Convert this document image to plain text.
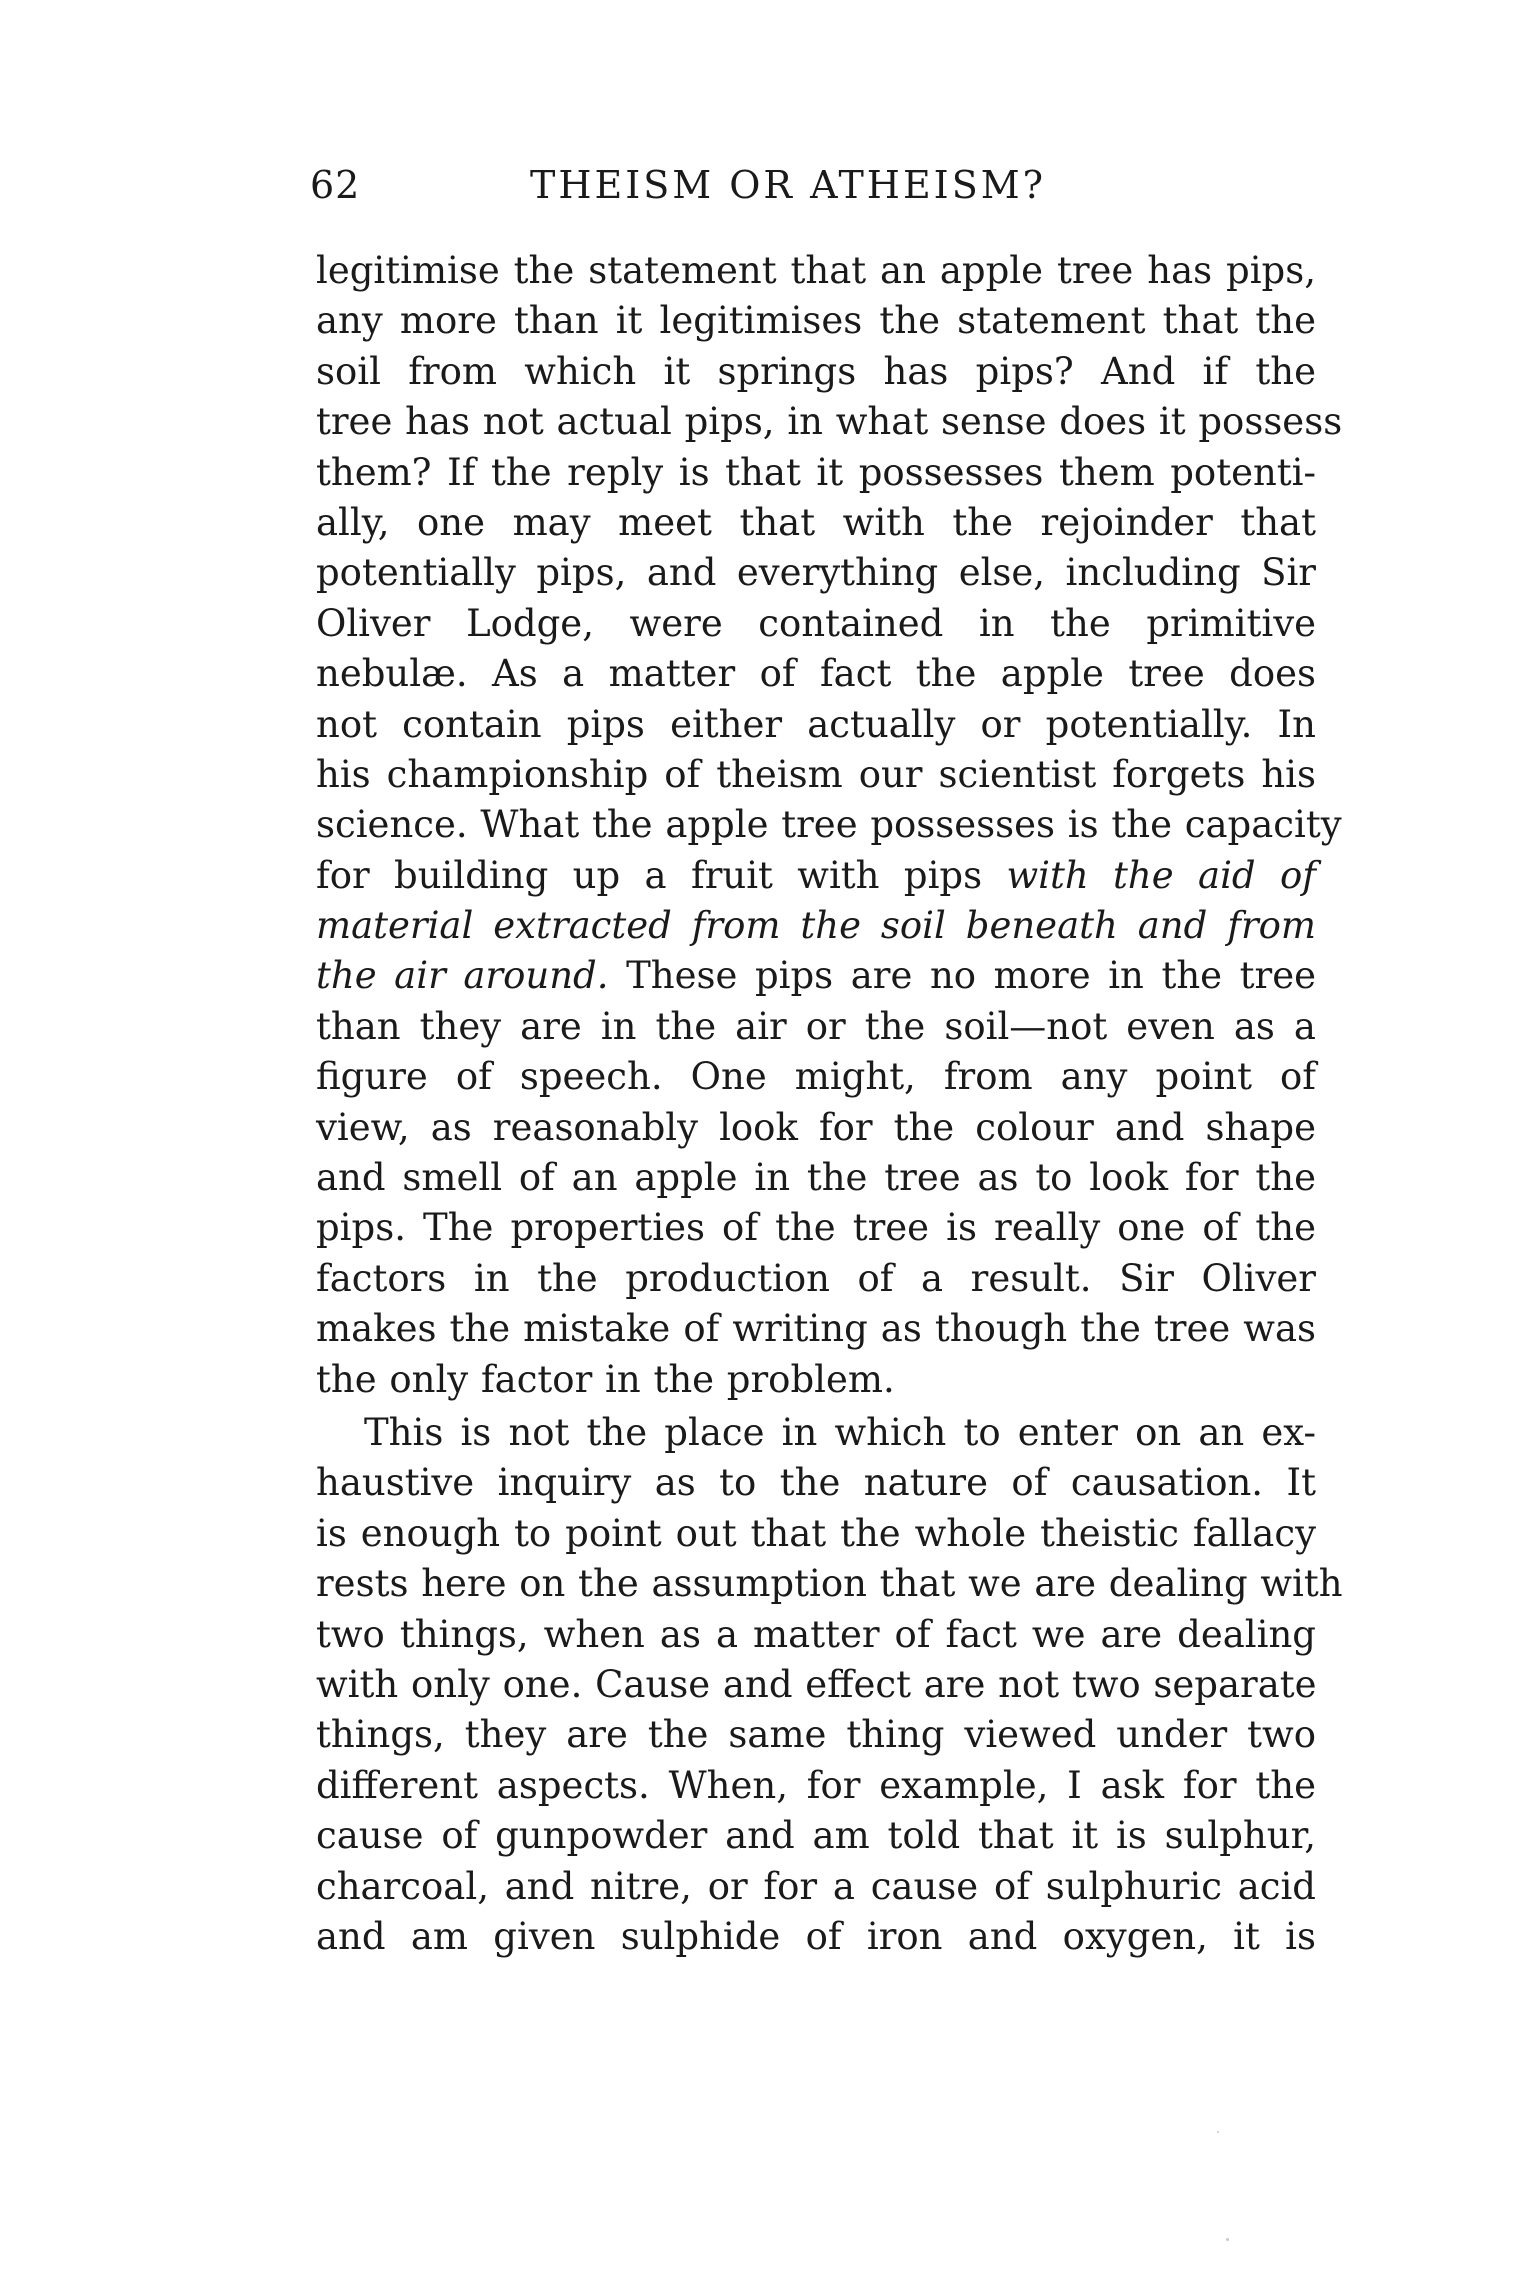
62	THEISM OR ATHEISM?
legitimise the statement that an apple tree has pips,
any more than it legitimises the statement that the
soil from which it springs has pips? And if the
tree has not actual pips, in what sense does it possess
them? If the reply is that it possesses them potenti-
ally, one may meet that with the rejoinder that
potentially pips, and everything else, including Sir
Oliver Lodge, were contained in the primitive
nebulæ. As a matter of fact the apple tree does
not contain pips either actually or potentially. In
his championship of theism our scientist forgets his
science. What the apple tree possesses is the capacity
for building up a fruit with pips with the aid of
material extracted from the soil beneath and from
the air around. These pips are no more in the tree
than they are in the air or the soil—not even as a
figure of speech. One might, from any point of
view, as reasonably look for the colour and shape
and smell of an apple in the tree as to look for the
pips. The properties of the tree is really one of the
factors in the production of a result. Sir Oliver
makes the mistake of writing as though the tree was
the only factor in the problem.
This is not the place in which to enter on an ex-
haustive inquiry as to the nature of causation. It
is enough to point out that the whole theistic fallacy
rests here on the assumption that we are dealing with
two things, when as a matter of fact we are dealing
with only one. Cause and effect are not two separate
things, they are the same thing viewed under two
different aspects. When, for example, I ask for the
cause of gunpowder and am told that it is sulphur,
charcoal, and nitre, or for a cause of sulphuric acid
and am given sulphide of iron and oxygen, it is
